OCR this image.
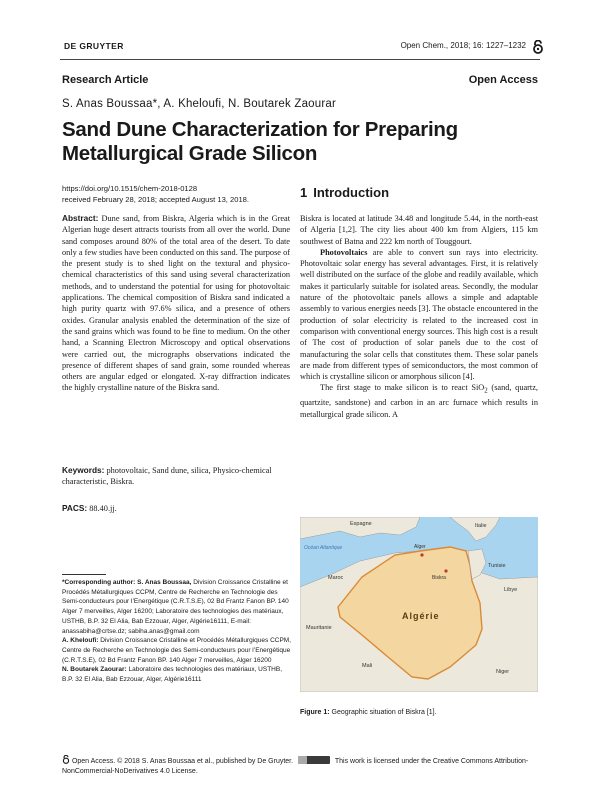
DE GRUYTER	Open Chem., 2018; 16: 1227–1232
Research Article	Open Access
S. Anas Boussaa*, A. Kheloufi, N. Boutarek Zaourar
Sand Dune Characterization for Preparing Metallurgical Grade Silicon
https://doi.org/10.1515/chem-2018-0128
received February 28, 2018; accepted August 13, 2018.
Abstract: Dune sand, from Biskra, Algeria which is in the Great Algerian huge desert attracts tourists from all over the world. Dune sand composes around 80% of the total area of the desert. To date only a few studies have been conducted on this sand. The purpose of the present study is to shed light on the textural and physico-chemical characteristics of this sand using several characterization methods, and to understand the potential for using for photovoltaic applications. The chemical composition of Biskra sand indicated a high purity quartz with 97.6% silica, and a presence of others oxides. Granular analysis enabled the determination of the size of the sand grains which was found to be fine to medium. On the other hand, a Scanning Electron Microscopy and optical observations were carried out, the micrographs observations indicated the presence of different shapes of sand grain, some rounded whereas others are angular edged or elongated. X-ray diffraction indicates the highly crystalline nature of the Biskra sand.
Keywords: photovoltaic, Sand dune, silica, Physico-chemical characteristic, Biskra.
PACS: 88.40.jj.

*Corresponding author: S. Anas Boussaa, Division Croissance Cristalline et Procédés Métallurgiques CCPM, Centre de Recherche en Technologie des Semi-conducteurs pour l’Energétique (C.R.T.S.E), 02 Bd Frantz Fanon BP. 140 Alger 7 merveilles, Alger 16200; Laboratoire des technologies des matériaux, USTHB, B.P. 32 El Alia, Bab Ezzouar, Alger, Algérie16111, E-mail: anassabiha@crtse.dz; sabiha.anas@gmail.com

A. Kheloufi: Division Croissance Cristalline et Procédés Métallurgiques CCPM, Centre de Recherche en Technologie des Semi-conducteurs pour l’Energétique (C.R.T.S.E), 02 Bd Frantz Fanon BP. 140 Alger 7 merveilles, Alger 16200

N. Boutarek Zaourar: Laboratoire des technologies des matériaux, USTHB, B.P. 32 El Alia, Bab Ezzouar, Alger, Algérie16111

1 Introduction

Biskra is located at latitude 34.48 and longitude 5.44, in the north-east of Algeria [1,2]. The city lies about 400 km from Algiers, 115 km southwest of Batna and 222 km north of Touggourt.

Photovoltaics are able to convert sun rays into electricity. Photovoltaic solar energy has several advantages. First, it is relatively well distributed on the surface of the globe and readily available, which makes it particularly suitable for isolated areas. Secondly, the modular nature of the photovoltaic panels allows a simple and adaptable assembly to various energies needs [3]. The obstacle encountered in the production of solar electricity is related to the increased cost in comparison with conventional energy sources. This high cost is a result of The cost of production of solar panels due to the cost of manufacturing the solar cells that constitutes them. These solar panels are made from different types of semiconductors, the most common of which is crystalline silicon or amorphous silicon [4].

The first stage to make silicon is to react SiO$_2$ (sand, quartz, quartzite, sandstone) and carbon in an arc furnace which results in metallurgical grade silicon. A

Espagne	Italie
Océan Atlantique
Maroc
Tunisie
Algérie
Libye
Mauritanie
Mali
Niger
Alger
Biskra
Figure 1: Geographic situation of Biskra [1].
Open Access. © 2018 S. Anas Boussaa et al., published by De Gruyter.	This work is licensed under the Creative Commons Attribution-NonCommercial-NoDerivatives 4.0 License.
